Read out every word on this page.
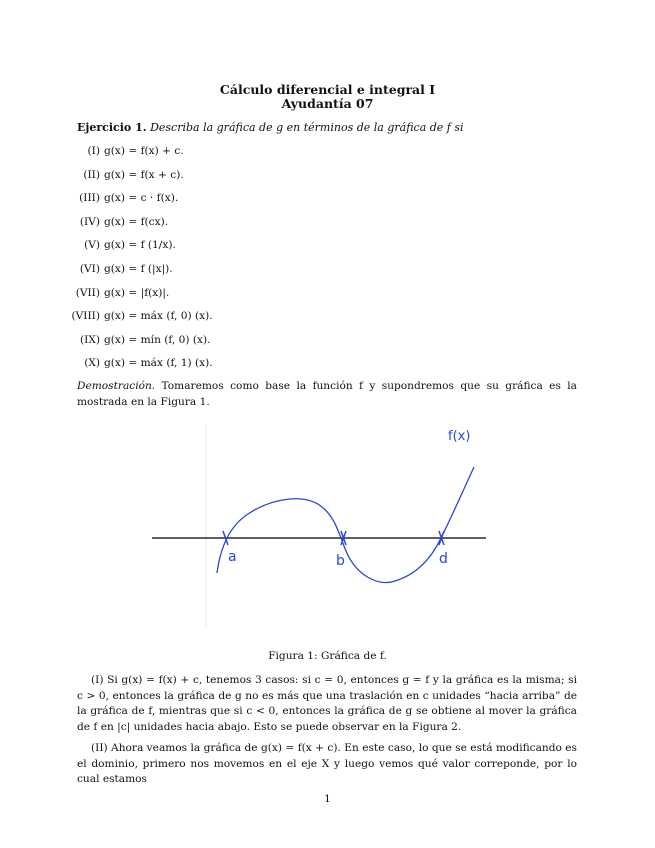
Cálculo diferencial e integral I
Ayudantía 07
Ejercicio 1. Describa la gráfica de g en términos de la gráfica de f si
(I) g(x) = f(x) + c.
(II) g(x) = f(x + c).
(III) g(x) = c · f(x).
(IV) g(x) = f(cx).
(V) g(x) = f (1/x).
(VI) g(x) = f (|x|).
(VII) g(x) = |f(x)|.
(VIII) g(x) = máx (f, 0) (x).
(IX) g(x) = mín (f, 0) (x).
(X) g(x) = máx (f, 1) (x).
Demostración. Tomaremos como base la función f y supondremos que su gráfica es la mostrada en la Figura 1.
a	b	d
f(x)
Figura 1: Gráfica de f.
(I) Si g(x) = f(x) + c, tenemos 3 casos: si c = 0, entonces g = f y la gráfica es la misma; si c > 0, entonces la gráfica de g no es más que una traslación en c unidades “hacia arriba” de la gráfica de f, mientras que si c < 0, entonces la gráfica de g se obtiene al mover la gráfica de f en |c| unidades hacia abajo. Esto se puede observar en la Figura 2.
(II) Ahora veamos la gráfica de g(x) = f(x + c). En este caso, lo que se está modificando es el dominio, primero nos movemos en el eje X y luego vemos qué valor correponde, por lo cual estamos
1
